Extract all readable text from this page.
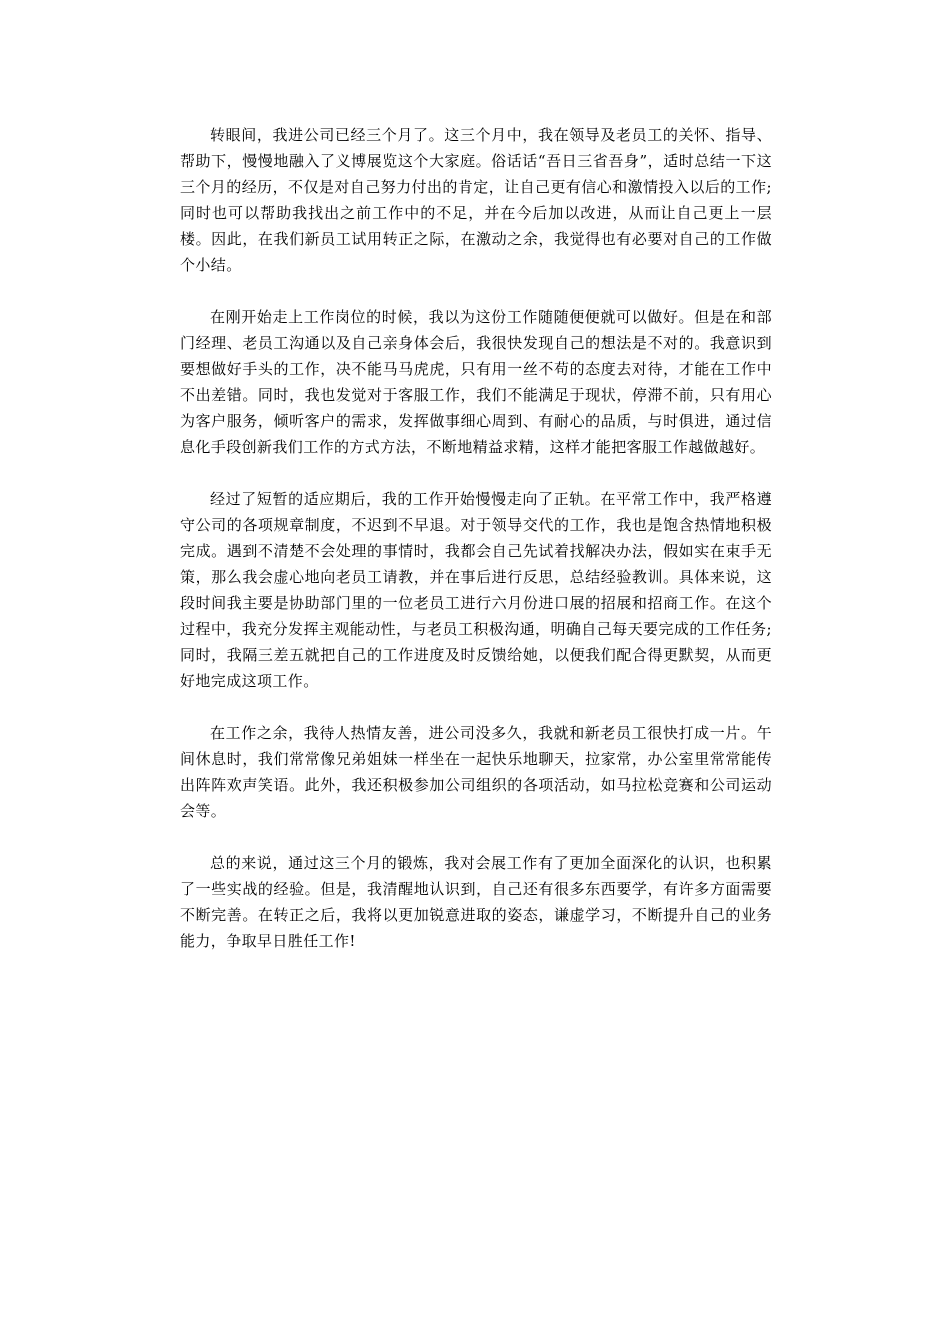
转眼间，我进公司已经三个月了。这三个月中，我在领导及老员工的关怀、指导、帮助下，慢慢地融入了义博展览这个大家庭。俗话话“吾日三省吾身”，适时总结一下这三个月的经历，不仅是对自己努力付出的肯定，让自己更有信心和激情投入以后的工作;同时也可以帮助我找出之前工作中的不足，并在今后加以改进，从而让自己更上一层楼。因此，在我们新员工试用转正之际，在激动之余，我觉得也有必要对自己的工作做个小结。

在刚开始走上工作岗位的时候，我以为这份工作随随便便就可以做好。但是在和部门经理、老员工沟通以及自己亲身体会后，我很快发现自己的想法是不对的。我意识到要想做好手头的工作，决不能马马虎虎，只有用一丝不苟的态度去对待，才能在工作中不出差错。同时，我也发觉对于客服工作，我们不能满足于现状，停滞不前，只有用心为客户服务，倾听客户的需求，发挥做事细心周到、有耐心的品质，与时俱进，通过信息化手段创新我们工作的方式方法，不断地精益求精，这样才能把客服工作越做越好。

经过了短暂的适应期后，我的工作开始慢慢走向了正轨。在平常工作中，我严格遵守公司的各项规章制度，不迟到不早退。对于领导交代的工作，我也是饱含热情地积极完成。遇到不清楚不会处理的事情时，我都会自己先试着找解决办法，假如实在束手无策，那么我会虚心地向老员工请教，并在事后进行反思，总结经验教训。具体来说，这段时间我主要是协助部门里的一位老员工进行六月份进口展的招展和招商工作。在这个过程中，我充分发挥主观能动性，与老员工积极沟通，明确自己每天要完成的工作任务;同时，我隔三差五就把自己的工作进度及时反馈给她，以便我们配合得更默契，从而更好地完成这项工作。

在工作之余，我待人热情友善，进公司没多久，我就和新老员工很快打成一片。午间休息时，我们常常像兄弟姐妹一样坐在一起快乐地聊天，拉家常，办公室里常常能传出阵阵欢声笑语。此外，我还积极参加公司组织的各项活动，如马拉松竞赛和公司运动会等。

总的来说，通过这三个月的锻炼，我对会展工作有了更加全面深化的认识，也积累了一些实战的经验。但是，我清醒地认识到，自己还有很多东西要学，有许多方面需要不断完善。在转正之后，我将以更加锐意进取的姿态，谦虚学习，不断提升自己的业务能力，争取早日胜任工作!
